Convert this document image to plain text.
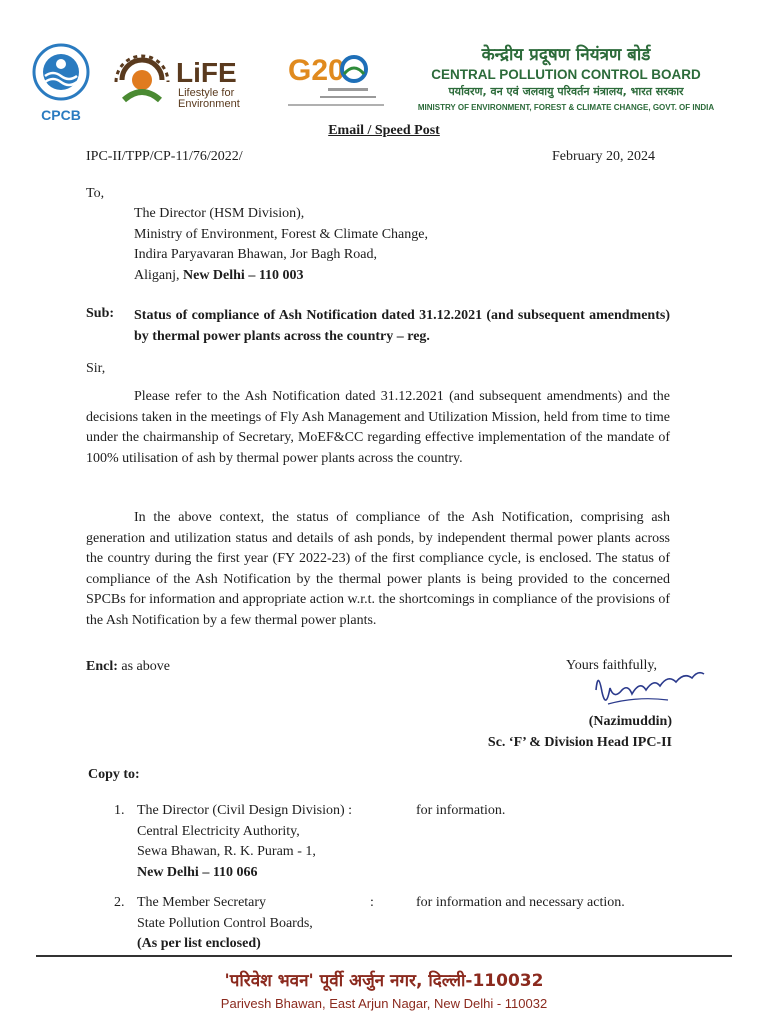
CPCB
LiFE
Lifestyle for
Environment
G20	केन्द्रीय प्रदूषण नियंत्रण बोर्ड
CENTRAL POLLUTION CONTROL BOARD
पर्यावरण, वन एवं जलवायु परिवर्तन मंत्रालय, भारत सरकार
MINISTRY OF ENVIRONMENT, FOREST & CLIMATE CHANGE, GOVT. OF INDIA
Email / Speed Post
IPC-II/TPP/CP-11/76/2022/	February 20, 2024
To,
The Director (HSM Division),
Ministry of Environment, Forest & Climate Change,
Indira Paryavaran Bhawan, Jor Bagh Road,
Aliganj, New Delhi – 110 003
Sub: Status of compliance of Ash Notification dated 31.12.2021 (and subsequent amendments) by thermal power plants across the country – reg.
Sir,

Please refer to the Ash Notification dated 31.12.2021 (and subsequent amendments) and the decisions taken in the meetings of Fly Ash Management and Utilization Mission, held from time to time under the chairmanship of Secretary, MoEF&CC regarding effective implementation of the mandate of 100% utilisation of ash by thermal power plants across the country.

In the above context, the status of compliance of the Ash Notification, comprising ash generation and utilization status and details of ash ponds, by independent thermal power plants across the country during the first year (FY 2022-23) of the first compliance cycle, is enclosed. The status of compliance of the Ash Notification by the thermal power plants is being provided to the concerned SPCBs for information and appropriate action w.r.t. the shortcomings in compliance of the provisions of the Ash Notification by a few thermal power plants.

Encl: as above	Yours faithfully,
(Nazimuddin)
Sc. ‘F’ & Division Head IPC-II
Copy to:
1. The Director (Civil Design Division) :
Central Electricity Authority,
Sewa Bhawan, R. K. Puram - 1,
New Delhi – 110 066
for information.
2. The Member Secretary
State Pollution Control Boards,
(As per list enclosed)
:	for information and necessary action.
'परिवेश भवन' पूर्वी अर्जुन नगर, दिल्ली-110032
Parivesh Bhawan, East Arjun Nagar, New Delhi - 110032
